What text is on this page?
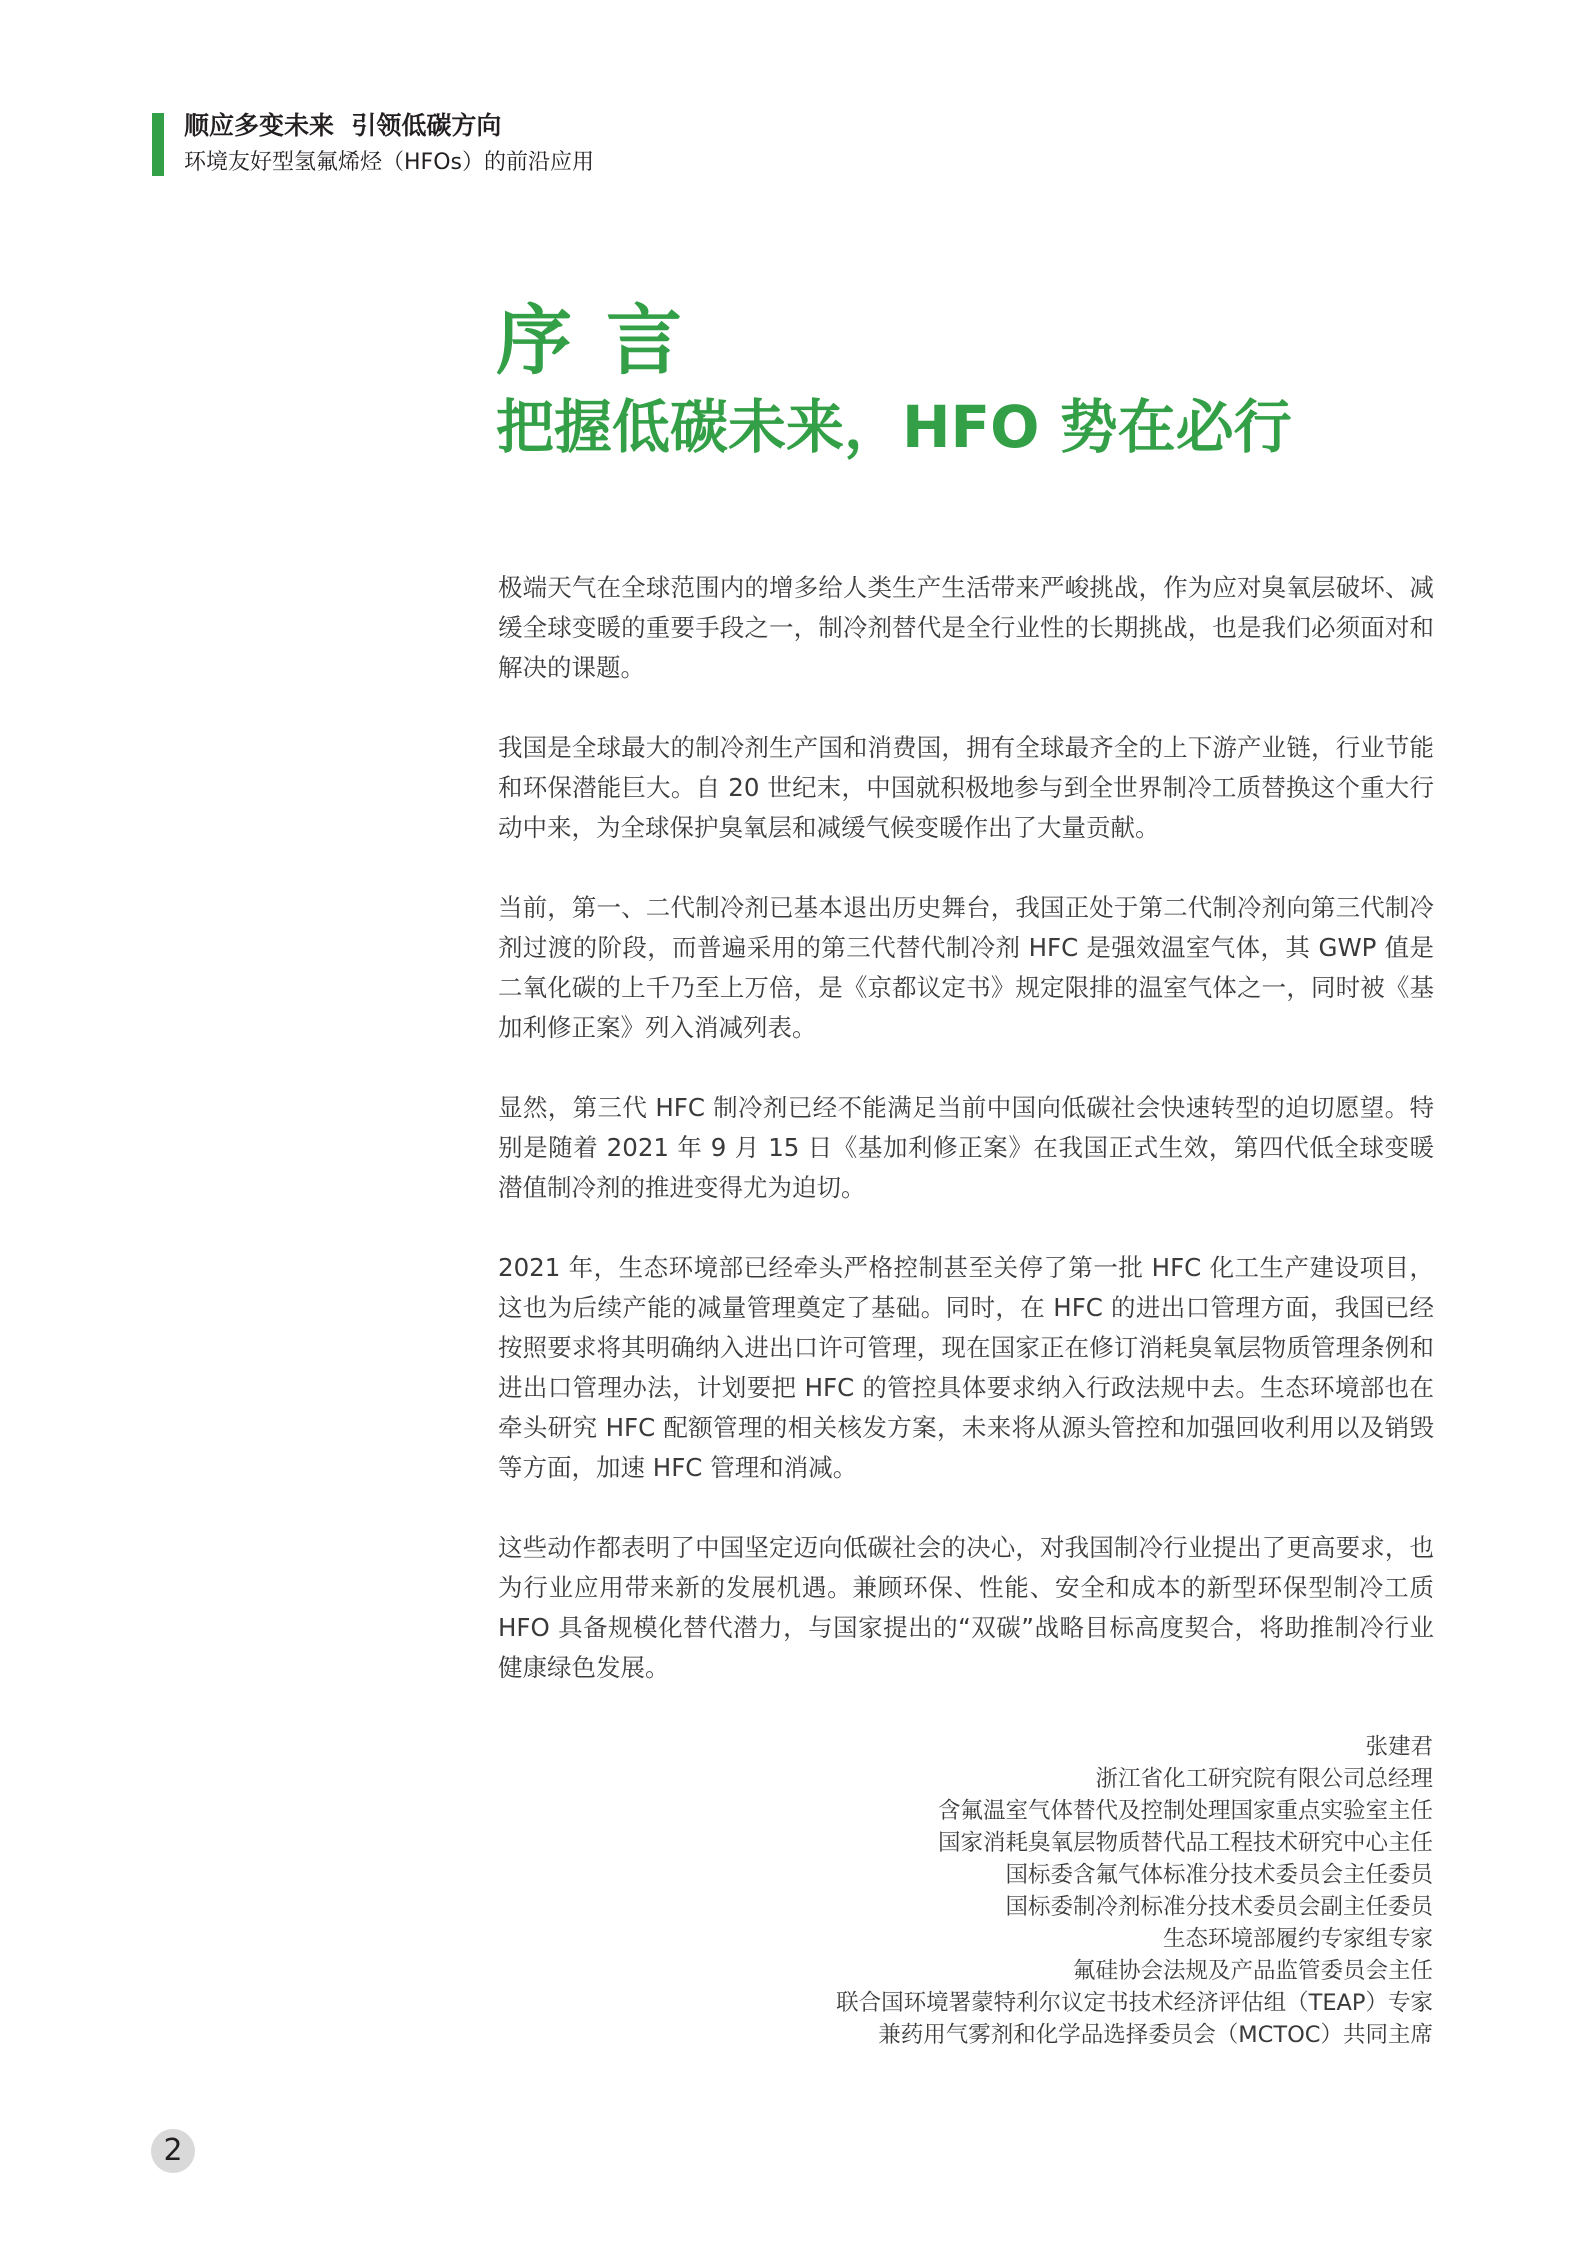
顺应多变未来  引领低碳方向
环境友好型氢氟烯烃（HFOs）的前沿应用
序言
把握低碳未来，HFO 势在必行

极端天气在全球范围内的增多给人类生产生活带来严峻挑战，作为应对臭氧层破坏、减缓全球变暖的重要手段之一，制冷剂替代是全行业性的长期挑战，也是我们必须面对和解决的课题。

我国是全球最大的制冷剂生产国和消费国，拥有全球最齐全的上下游产业链，行业节能和环保潜能巨大。自 20 世纪末，中国就积极地参与到全世界制冷工质替换这个重大行动中来，为全球保护臭氧层和减缓气候变暖作出了大量贡献。

当前，第一、二代制冷剂已基本退出历史舞台，我国正处于第二代制冷剂向第三代制冷剂过渡的阶段，而普遍采用的第三代替代制冷剂 HFC 是强效温室气体，其 GWP 值是二氧化碳的上千乃至上万倍，是《京都议定书》规定限排的温室气体之一，同时被《基加利修正案》列入消减列表。

显然，第三代 HFC 制冷剂已经不能满足当前中国向低碳社会快速转型的迫切愿望。特别是随着 2021 年 9 月 15 日《基加利修正案》在我国正式生效，第四代低全球变暖潜值制冷剂的推进变得尤为迫切。

2021 年，生态环境部已经牵头严格控制甚至关停了第一批 HFC 化工生产建设项目，这也为后续产能的减量管理奠定了基础。同时，在 HFC 的进出口管理方面，我国已经按照要求将其明确纳入进出口许可管理，现在国家正在修订消耗臭氧层物质管理条例和进出口管理办法，计划要把 HFC 的管控具体要求纳入行政法规中去。生态环境部也在牵头研究 HFC 配额管理的相关核发方案，未来将从源头管控和加强回收利用以及销毁等方面，加速 HFC 管理和消减。

这些动作都表明了中国坚定迈向低碳社会的决心，对我国制冷行业提出了更高要求，也为行业应用带来新的发展机遇。兼顾环保、性能、安全和成本的新型环保型制冷工质 HFO 具备规模化替代潜力，与国家提出的“双碳”战略目标高度契合，将助推制冷行业健康绿色发展。

张建君
浙江省化工研究院有限公司总经理
含氟温室气体替代及控制处理国家重点实验室主任
国家消耗臭氧层物质替代品工程技术研究中心主任
国标委含氟气体标准分技术委员会主任委员
国标委制冷剂标准分技术委员会副主任委员
生态环境部履约专家组专家
氟硅协会法规及产品监管委员会主任
联合国环境署蒙特利尔议定书技术经济评估组（TEAP）专家
兼药用气雾剂和化学品选择委员会（MCTOC）共同主席
2
